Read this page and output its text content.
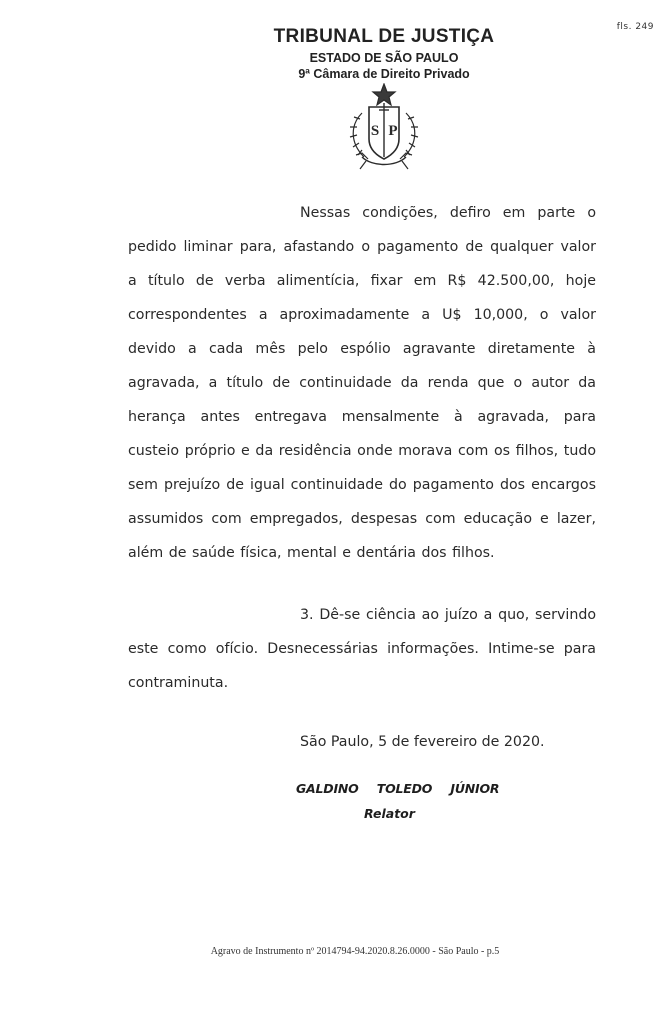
fls. 249
TRIBUNAL DE JUSTIÇA
ESTADO DE SÃO PAULO
9ª Câmara de Direito Privado
S P

Nessas condições, defiro em parte o pedido liminar para, afastando o pagamento de qualquer valor a título de verba alimentícia, fixar em R$ 42.500,00, hoje correspondentes a aproximadamente a U$ 10,000, o valor devido a cada mês pelo espólio agravante diretamente à agravada, a título de continuidade da renda que o autor da herança antes entregava mensalmente à agravada, para custeio próprio e da residência onde morava com os filhos, tudo sem prejuízo de igual continuidade do pagamento dos encargos assumidos com empregados, despesas com educação e lazer, além de saúde física, mental e dentária dos filhos.

3. Dê-se ciência ao juízo a quo, servindo este como ofício. Desnecessárias informações. Intime-se para contraminuta.

São Paulo, 5 de fevereiro de 2020.
GALDINO TOLEDO JÚNIOR
Relator
Agravo de Instrumento nº 2014794-94.2020.8.26.0000 - São Paulo - p.5
